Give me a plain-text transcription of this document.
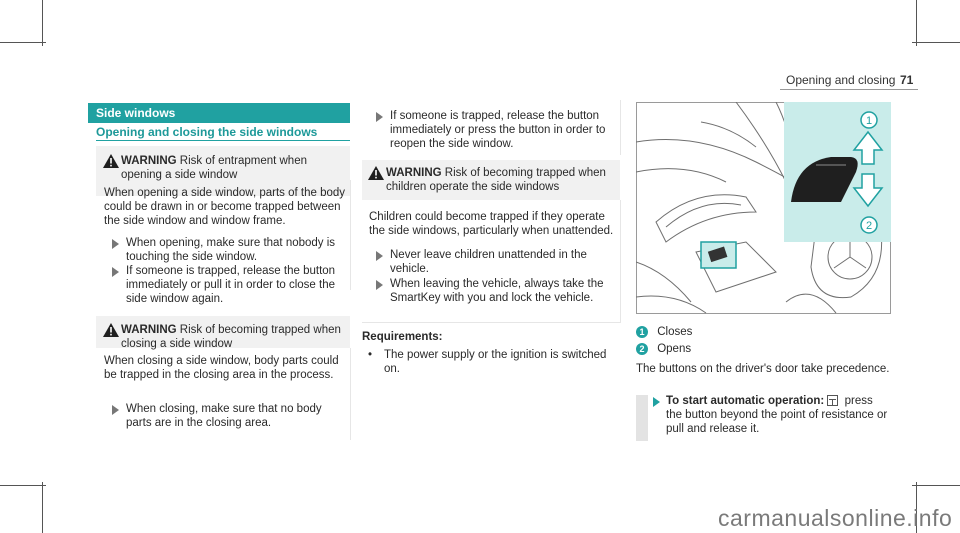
Opening and closing 71
Side windows
Opening and closing the side windows
WARNING Risk of entrapment when opening a side window
When opening a side window, parts of the body could be drawn in or become trapped between the side window and window frame.
When opening, make sure that nobody is touching the side window.
If someone is trapped, release the button immediately or pull it in order to close the side window again.
WARNING Risk of becoming trapped when closing a side window
When closing a side window, body parts could be trapped in the closing area in the process.
When closing, make sure that no body parts are in the closing area.
If someone is trapped, release the button immediately or press the button in order to reopen the side window.
WARNING Risk of becoming trapped when children operate the side windows
Children could become trapped if they operate the side windows, particularly when unattended.
Never leave children unattended in the vehicle.
When leaving the vehicle, always take the SmartKey with you and lock the vehicle.
Requirements:
• The power supply or the ignition is switched on.
1
2
1 Closes
2 Opens
The buttons on the driver's door take precedence.
To start automatic operation: press the button beyond the point of resistance or pull and release it.
carmanualsonline.info
